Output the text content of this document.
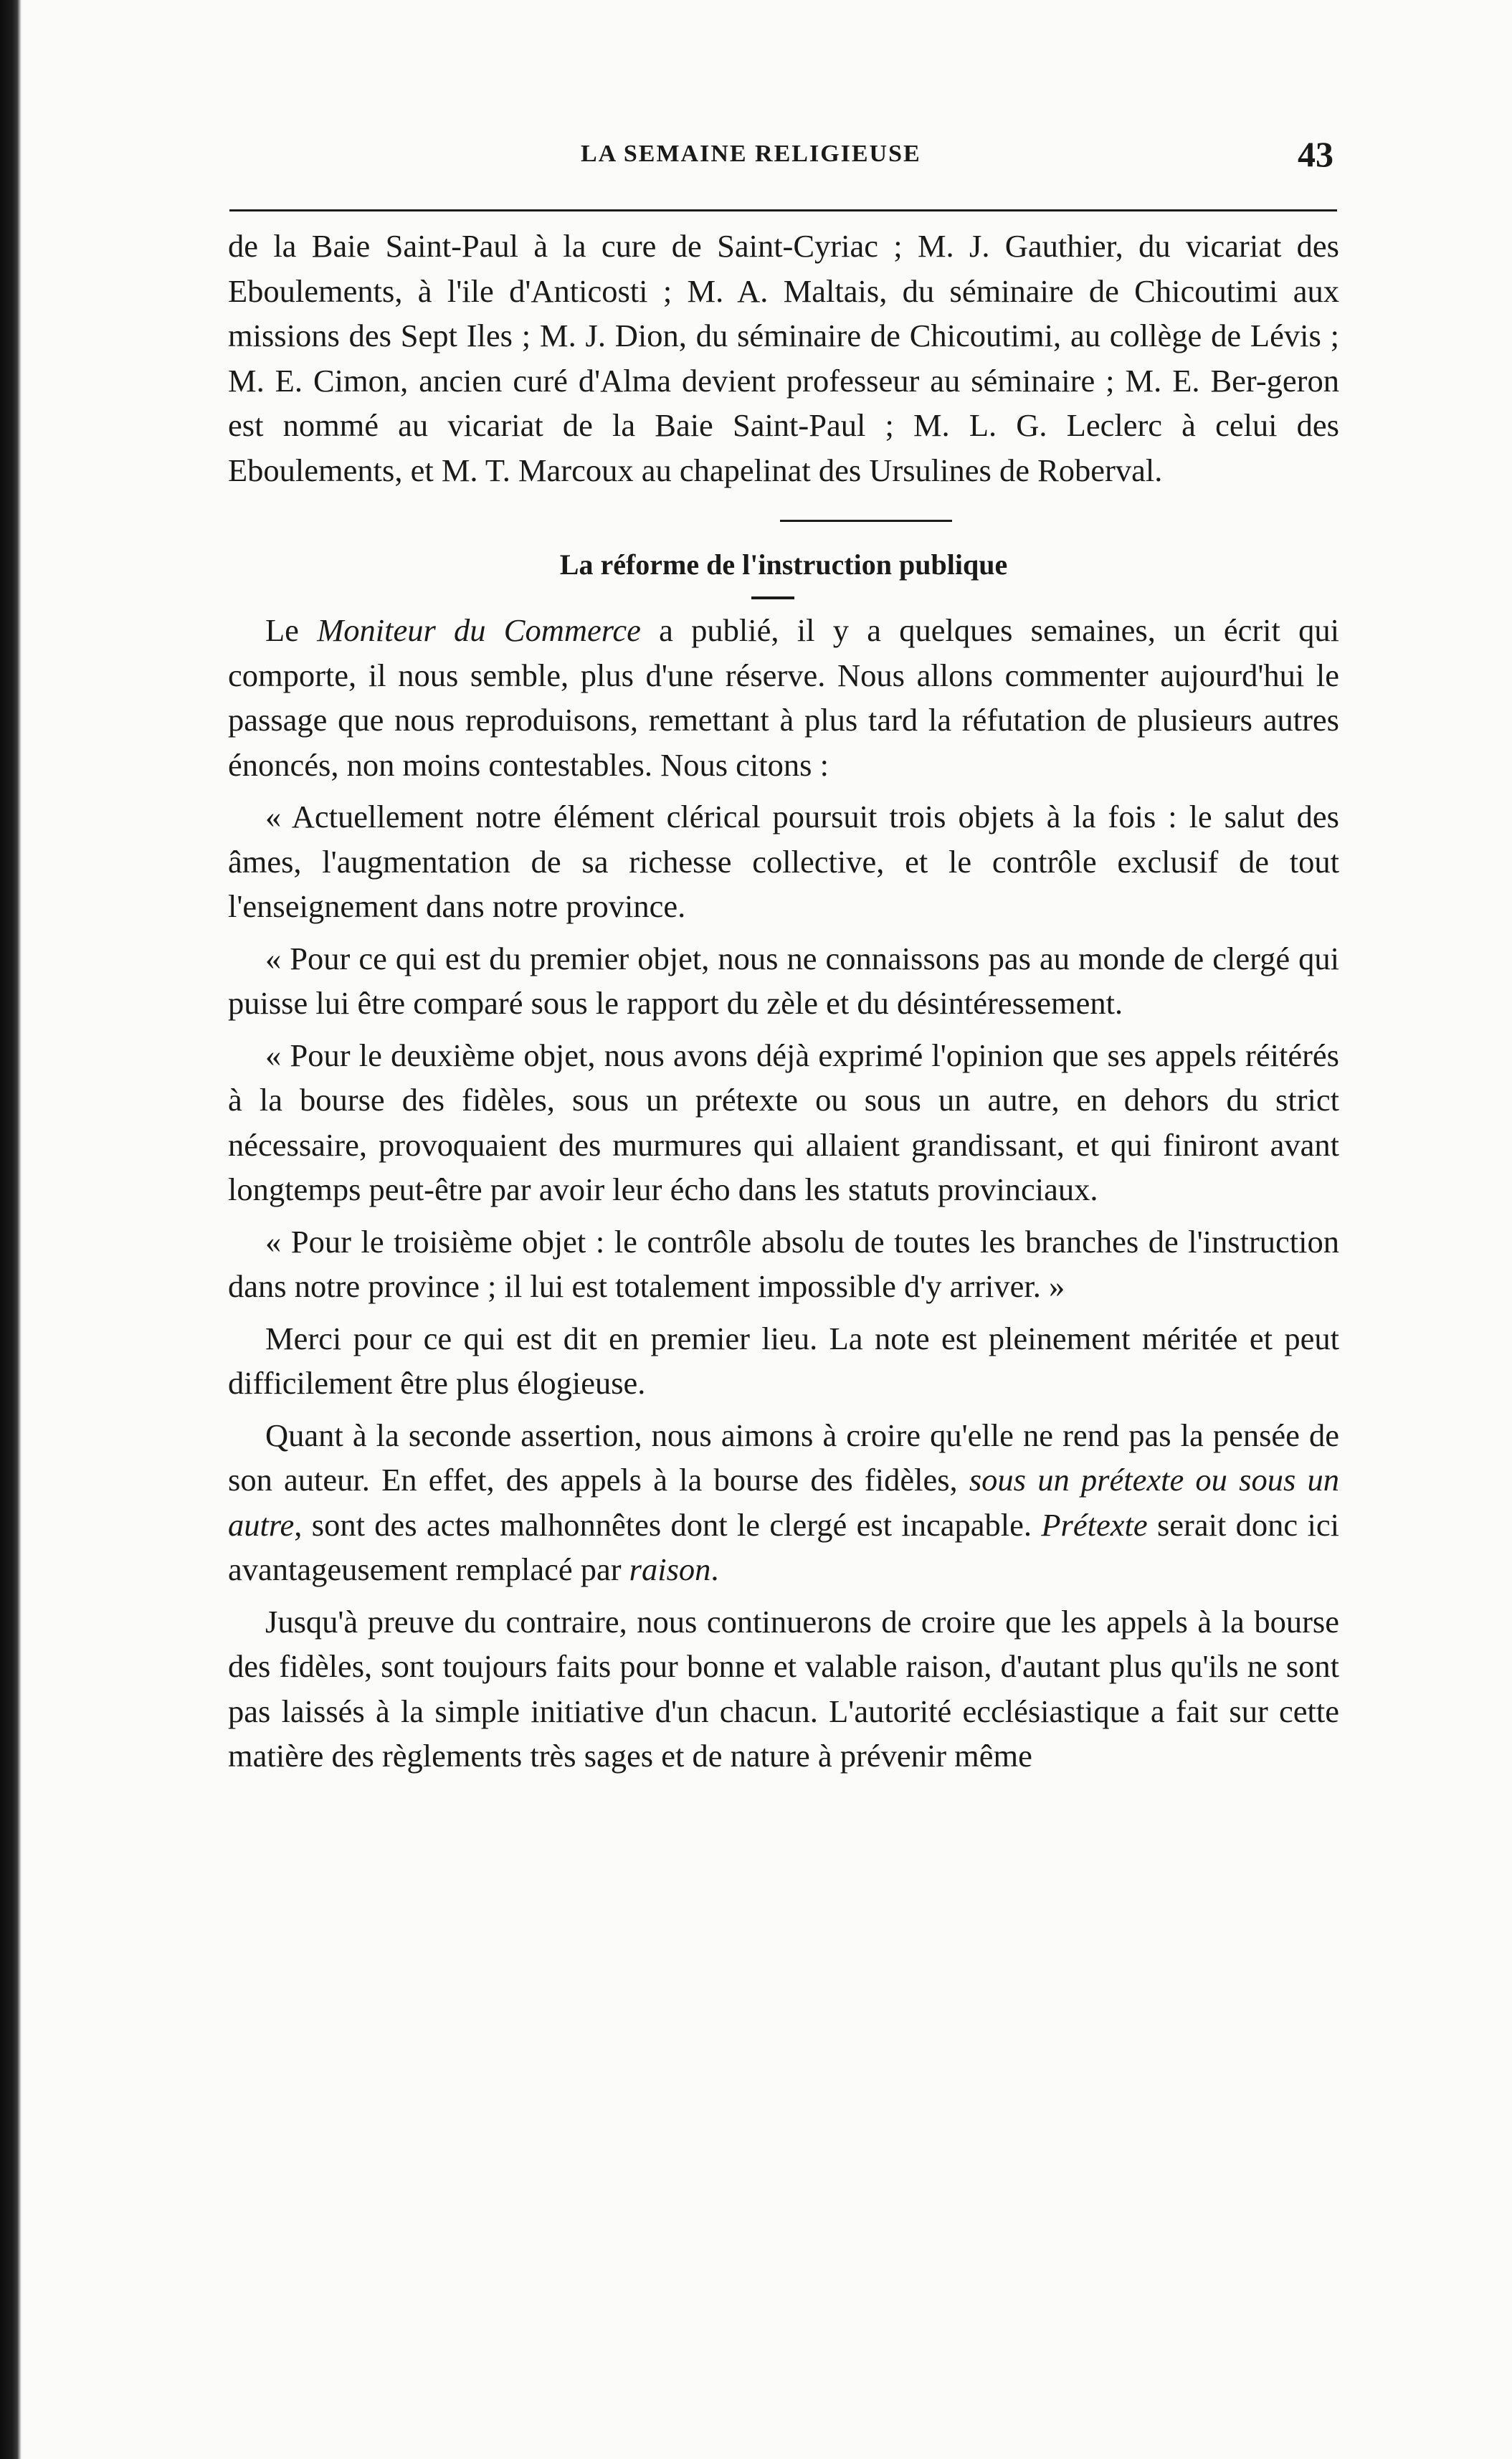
LA SEMAINE RELIGIEUSE	43

de la Baie Saint-Paul à la cure de Saint-Cyriac ; M. J. Gauthier, du vicariat des Eboulements, à l'ile d'Anticosti ; M. A. Maltais, du séminaire de Chicoutimi aux missions des Sept Iles ; M. J. Dion, du séminaire de Chicoutimi, au collège de Lévis ; M. E. Cimon, ancien curé d'Alma devient professeur au séminaire ; M. E. Ber-geron est nommé au vicariat de la Baie Saint-Paul ; M. L. G. Leclerc à celui des Eboulements, et M. T. Marcoux au chapelinat des Ursulines de Roberval.

La réforme de l'instruction publique

Le Moniteur du Commerce a publié, il y a quelques semaines, un écrit qui comporte, il nous semble, plus d'une réserve. Nous allons commenter aujourd'hui le passage que nous reproduisons, remettant à plus tard la réfutation de plusieurs autres énoncés, non moins contestables. Nous citons :

« Actuellement notre élément clérical poursuit trois objets à la fois : le salut des âmes, l'augmentation de sa richesse collective, et le contrôle exclusif de tout l'enseignement dans notre province.

« Pour ce qui est du premier objet, nous ne connaissons pas au monde de clergé qui puisse lui être comparé sous le rapport du zèle et du désintéressement.

« Pour le deuxième objet, nous avons déjà exprimé l'opinion que ses appels réitérés à la bourse des fidèles, sous un prétexte ou sous un autre, en dehors du strict nécessaire, provoquaient des murmures qui allaient grandissant, et qui finiront avant longtemps peut-être par avoir leur écho dans les statuts provinciaux.

« Pour le troisième objet : le contrôle absolu de toutes les branches de l'instruction dans notre province ; il lui est totalement impossible d'y arriver. »

Merci pour ce qui est dit en premier lieu. La note est pleinement méritée et peut difficilement être plus élogieuse.

Quant à la seconde assertion, nous aimons à croire qu'elle ne rend pas la pensée de son auteur. En effet, des appels à la bourse des fidèles, sous un prétexte ou sous un autre, sont des actes malhonnêtes dont le clergé est incapable. Prétexte serait donc ici avantageusement remplacé par raison.

Jusqu'à preuve du contraire, nous continuerons de croire que les appels à la bourse des fidèles, sont toujours faits pour bonne et valable raison, d'autant plus qu'ils ne sont pas laissés à la simple initiative d'un chacun. L'autorité ecclésiastique a fait sur cette matière des règlements très sages et de nature à prévenir même
